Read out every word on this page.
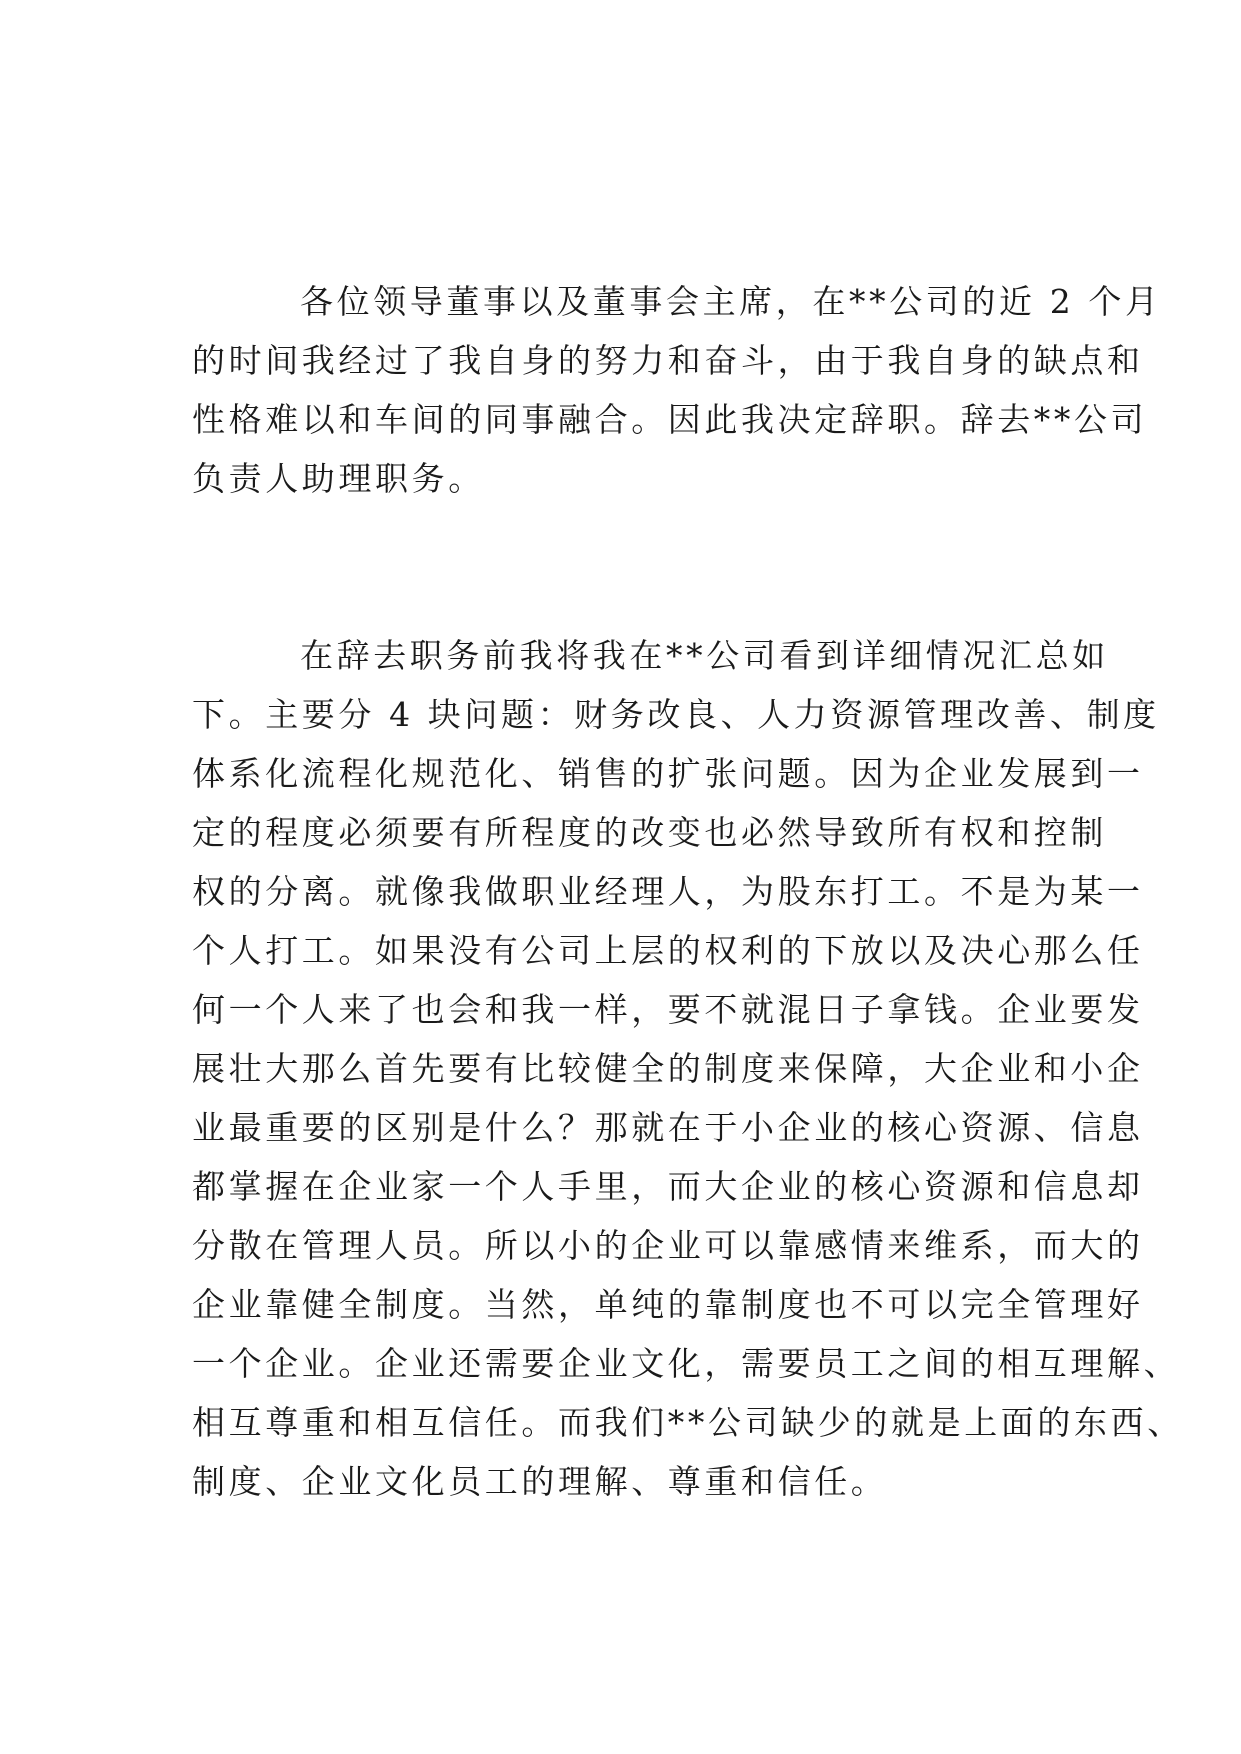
各位领导董事以及董事会主席，在**公司的近 2 个月
的时间我经过了我自身的努力和奋斗，由于我自身的缺点和
性格难以和车间的同事融合。因此我决定辞职。辞去**公司
负责人助理职务。
在辞去职务前我将我在**公司看到详细情况汇总如
下。主要分 4 块问题：财务改良、人力资源管理改善、制度
体系化流程化规范化、销售的扩张问题。因为企业发展到一
定的程度必须要有所程度的改变也必然导致所有权和控制
权的分离。就像我做职业经理人，为股东打工。不是为某一
个人打工。如果没有公司上层的权利的下放以及决心那么任
何一个人来了也会和我一样，要不就混日子拿钱。企业要发
展壮大那么首先要有比较健全的制度来保障，大企业和小企
业最重要的区别是什么？那就在于小企业的核心资源、信息
都掌握在企业家一个人手里，而大企业的核心资源和信息却
分散在管理人员。所以小的企业可以靠感情来维系，而大的
企业靠健全制度。当然，单纯的靠制度也不可以完全管理好
一个企业。企业还需要企业文化，需要员工之间的相互理解、
相互尊重和相互信任。而我们**公司缺少的就是上面的东西、
制度、企业文化员工的理解、尊重和信任。
